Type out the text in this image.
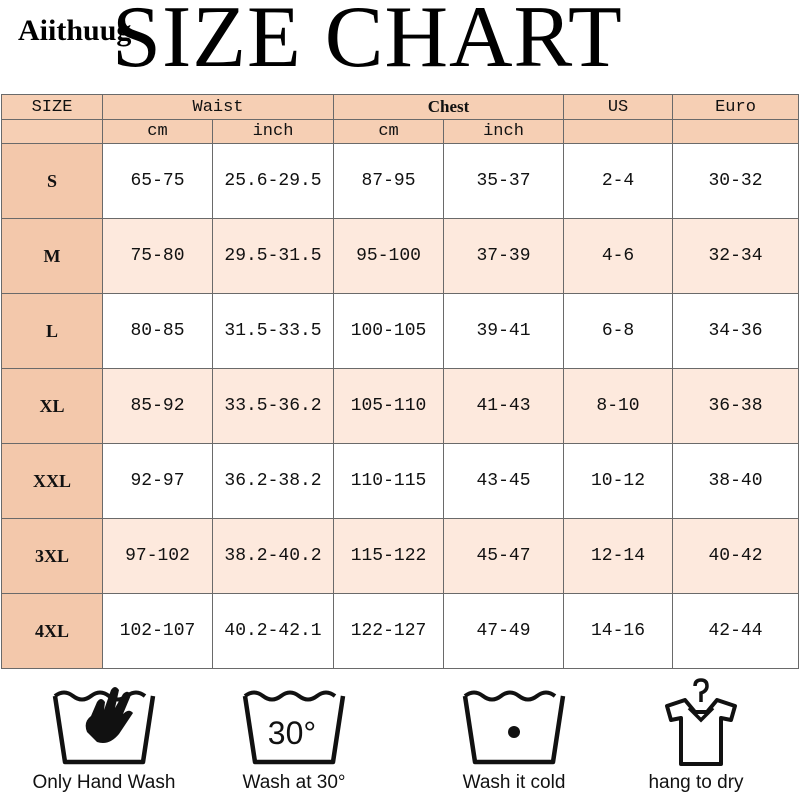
SIZE CHART
Aiithuug
SIZE	Waist		Chest		US	Euro
	cm	inch	cm	inch		
S	65-75	25.6-29.5	87-95	35-37	2-4	30-32
M	75-80	29.5-31.5	95-100	37-39	4-6	32-34
L	80-85	31.5-33.5	100-105	39-41	6-8	34-36
XL	85-92	33.5-36.2	105-110	41-43	8-10	36-38
XXL	92-97	36.2-38.2	110-115	43-45	10-12	38-40
3XL	97-102	38.2-40.2	115-122	45-47	12-14	40-42
4XL	102-107	40.2-42.1	122-127	47-49	14-16	42-44
Only Hand Wash
30°
Wash at 30°	Wash it cold	hang to dry
